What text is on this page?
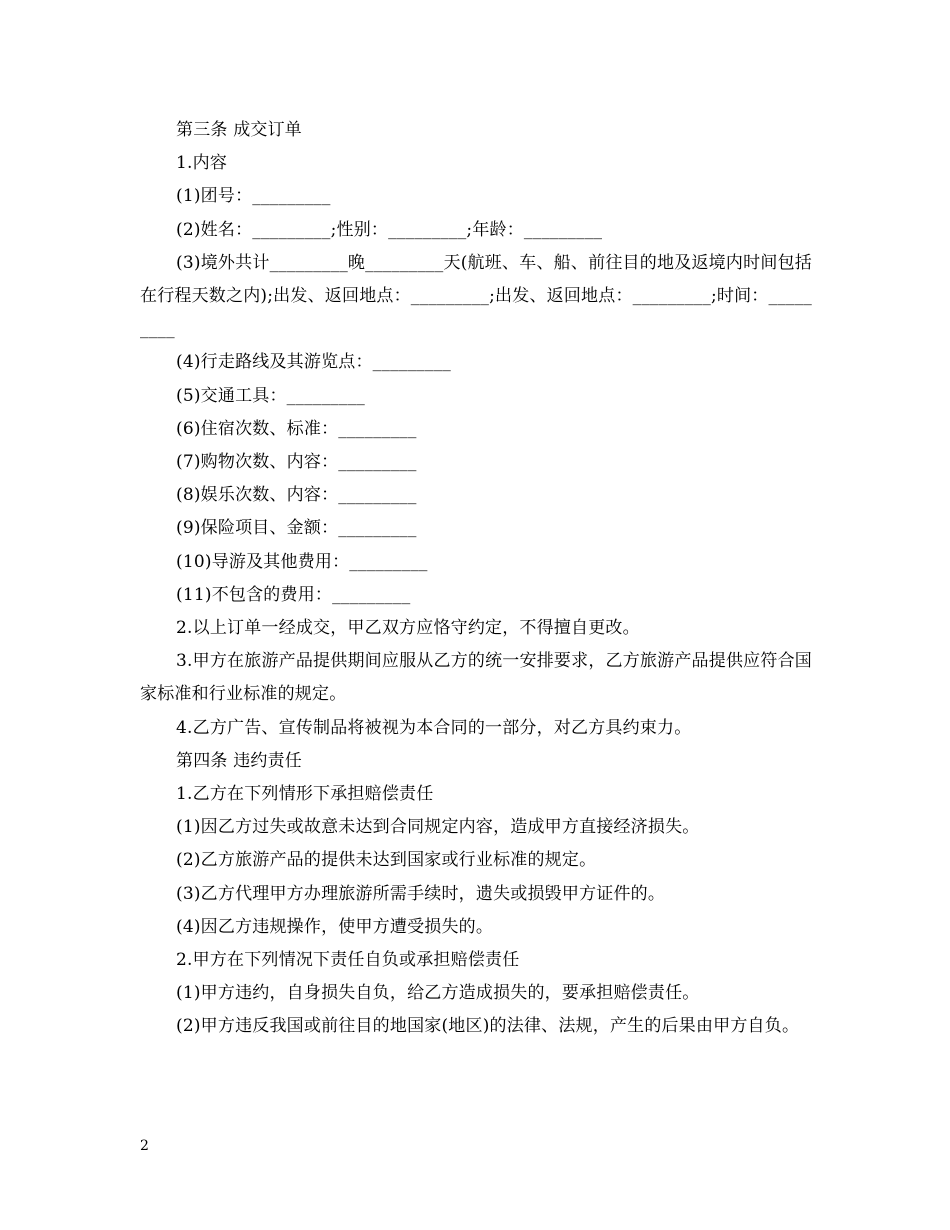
第三条 成交订单

1.内容

(1)团号：_________

(2)姓名：_________;性别：_________;年龄：_________

(3)境外共计_________晚_________天(航班、车、船、前往目的地及返境内时间包括在行程天数之内);出发、返回地点：_________;出发、返回地点：_________;时间：_________

(4)行走路线及其游览点：_________

(5)交通工具：_________

(6)住宿次数、标准：_________

(7)购物次数、内容：_________

(8)娱乐次数、内容：_________

(9)保险项目、金额：_________

(10)导游及其他费用：_________

(11)不包含的费用：_________

2.以上订单一经成交，甲乙双方应恪守约定，不得擅自更改。

3.甲方在旅游产品提供期间应服从乙方的统一安排要求，乙方旅游产品提供应符合国家标准和行业标准的规定。

4.乙方广告、宣传制品将被视为本合同的一部分，对乙方具约束力。

第四条 违约责任

1.乙方在下列情形下承担赔偿责任

(1)因乙方过失或故意未达到合同规定内容，造成甲方直接经济损失。

(2)乙方旅游产品的提供未达到国家或行业标准的规定。

(3)乙方代理甲方办理旅游所需手续时，遗失或损毁甲方证件的。

(4)因乙方违规操作，使甲方遭受损失的。

2.甲方在下列情况下责任自负或承担赔偿责任

(1)甲方违约，自身损失自负，给乙方造成损失的，要承担赔偿责任。

(2)甲方违反我国或前往目的地国家(地区)的法律、法规，产生的后果由甲方自负。

2
